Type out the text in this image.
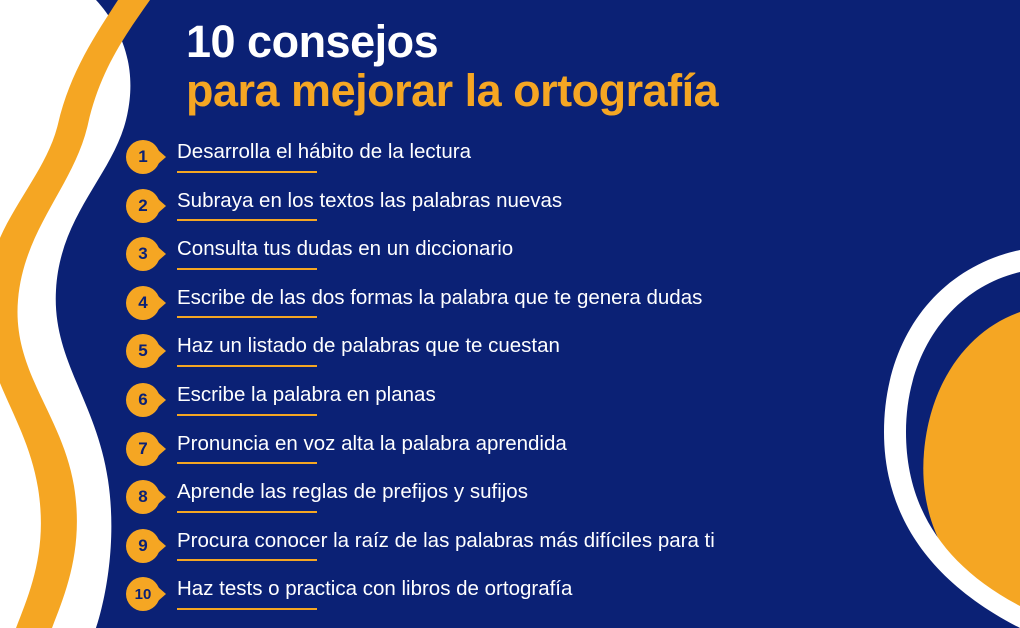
10 consejos
para mejorar la ortografía
1	Desarrolla el hábito de la lectura
2	Subraya en los textos las palabras nuevas
3	Consulta tus dudas en un diccionario
4	Escribe de las dos formas la palabra que te genera dudas
5	Haz un listado de palabras que te cuestan
6	Escribe la palabra en planas
7	Pronuncia en voz alta la palabra aprendida
8	Aprende las reglas de prefijos y sufijos
9	Procura conocer la raíz de las palabras más difíciles para ti
10	Haz tests o practica con libros de ortografía
